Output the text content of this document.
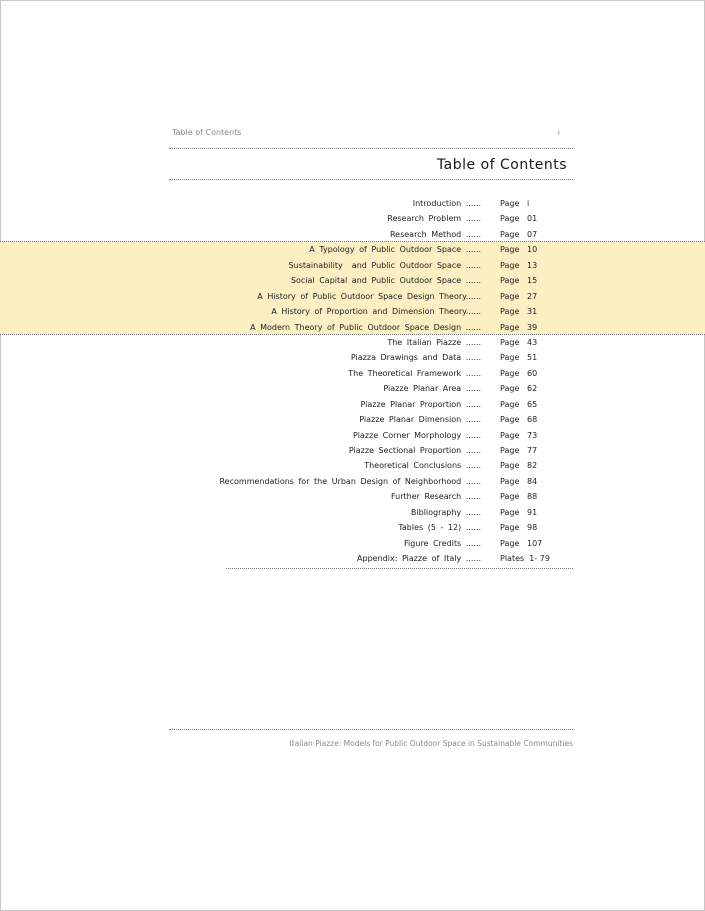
Table of Contents	i
Table of Contents
Introduction ...... Page   i
Research Problem ...... Page   01
Research Method ...... Page   07
A Typology of Public Outdoor Space ...... Page   10
Sustainability  and Public Outdoor Space ...... Page   13
Social Capital and Public Outdoor Space ...... Page   15
A History of Public Outdoor Space Design Theory...... Page   27
A History of Proportion and Dimension Theory...... Page   31
A Modern Theory of Public Outdoor Space Design ...... Page   39
The Italian Piazze ...... Page   43
Piazza Drawings and Data ...... Page   51
The Theoretical Framework ...... Page   60
Piazze Planar Area ...... Page   62
Piazze Planar Proportion ...... Page   65
Piazze Planar Dimension ...... Page   68
Piazze Corner Morphology ...... Page   73
Piazze Sectional Proportion ...... Page   77
Theoretical Conclusions ...... Page   82
Recommendations for the Urban Design of Neighborhood ...... Page   84
Further Research ...... Page   88
Bibliography ...... Page   91
Tables (5 - 12) ...... Page   98
Figure Credits ...... Page   107
Appendix: Piazze of Italy ...... Plates  1- 79
Italian Piazze: Models for Public Outdoor Space in Sustainable Communities
